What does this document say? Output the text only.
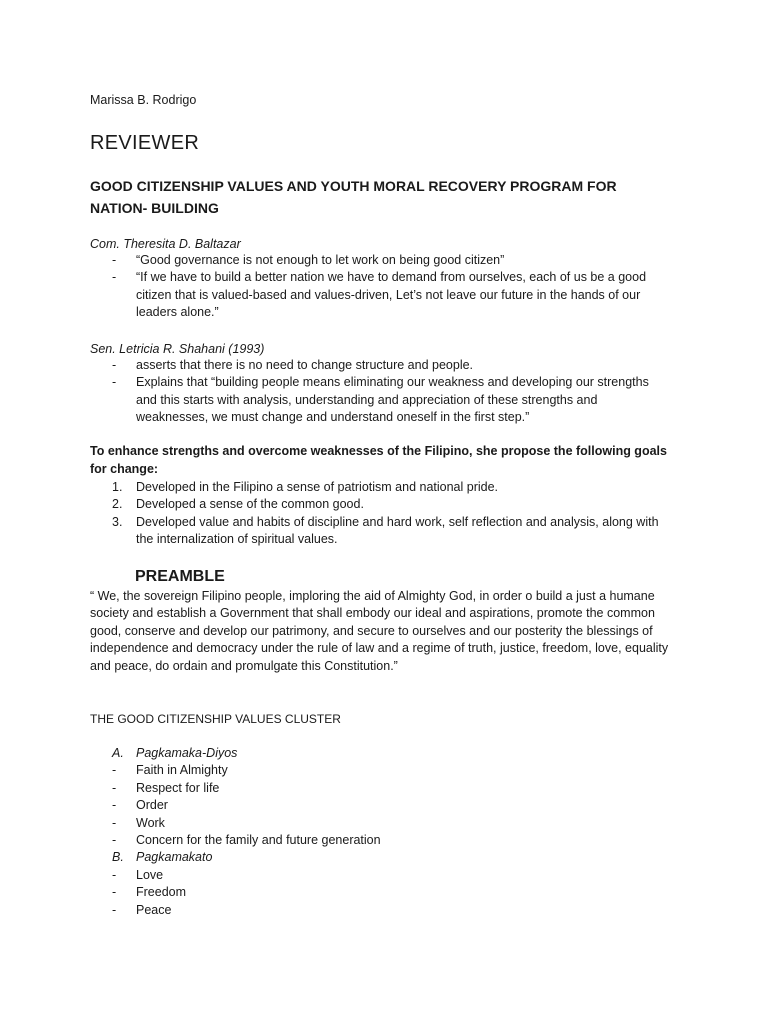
Marissa B. Rodrigo
REVIEWER
GOOD CITIZENSHIP VALUES AND YOUTH MORAL RECOVERY PROGRAM FOR NATION- BUILDING
Com. Theresita D. Baltazar
- “Good governance is not enough to let work on being good citizen”
- “If we have to build a better nation we have to demand from ourselves, each of us be a good citizen that is valued-based and values-driven, Let’s not leave our future in the hands of our leaders alone.”
Sen. Letricia R. Shahani (1993)
- asserts that there is no need to change structure and people.
- Explains that “building people means eliminating our weakness and developing our strengths and this starts with analysis, understanding and appreciation of these strengths and weaknesses, we must change and understand oneself in the first step.”
To enhance strengths and overcome weaknesses of the Filipino, she propose the following goals for change:
1. Developed in the Filipino a sense of patriotism and national pride.
2. Developed a sense of the common good.
3. Developed value and habits of discipline and hard work, self reflection and analysis, along with the internalization of spiritual values.
PREAMBLE
“ We, the sovereign Filipino people, imploring the aid of Almighty God, in order o build a just a humane society and establish a Government that shall embody our ideal and aspirations, promote the common good, conserve and develop our patrimony, and secure to ourselves and our posterity the blessings of independence and democracy under the rule of law and a regime of truth, justice, freedom, love, equality and peace, do ordain and promulgate this Constitution.”
THE GOOD CITIZENSHIP VALUES CLUSTER
A. Pagkamaka-Diyos
- Faith in Almighty
- Respect for life
- Order
- Work
- Concern for the family and future generation
B. Pagkamakato
- Love
- Freedom
- Peace
